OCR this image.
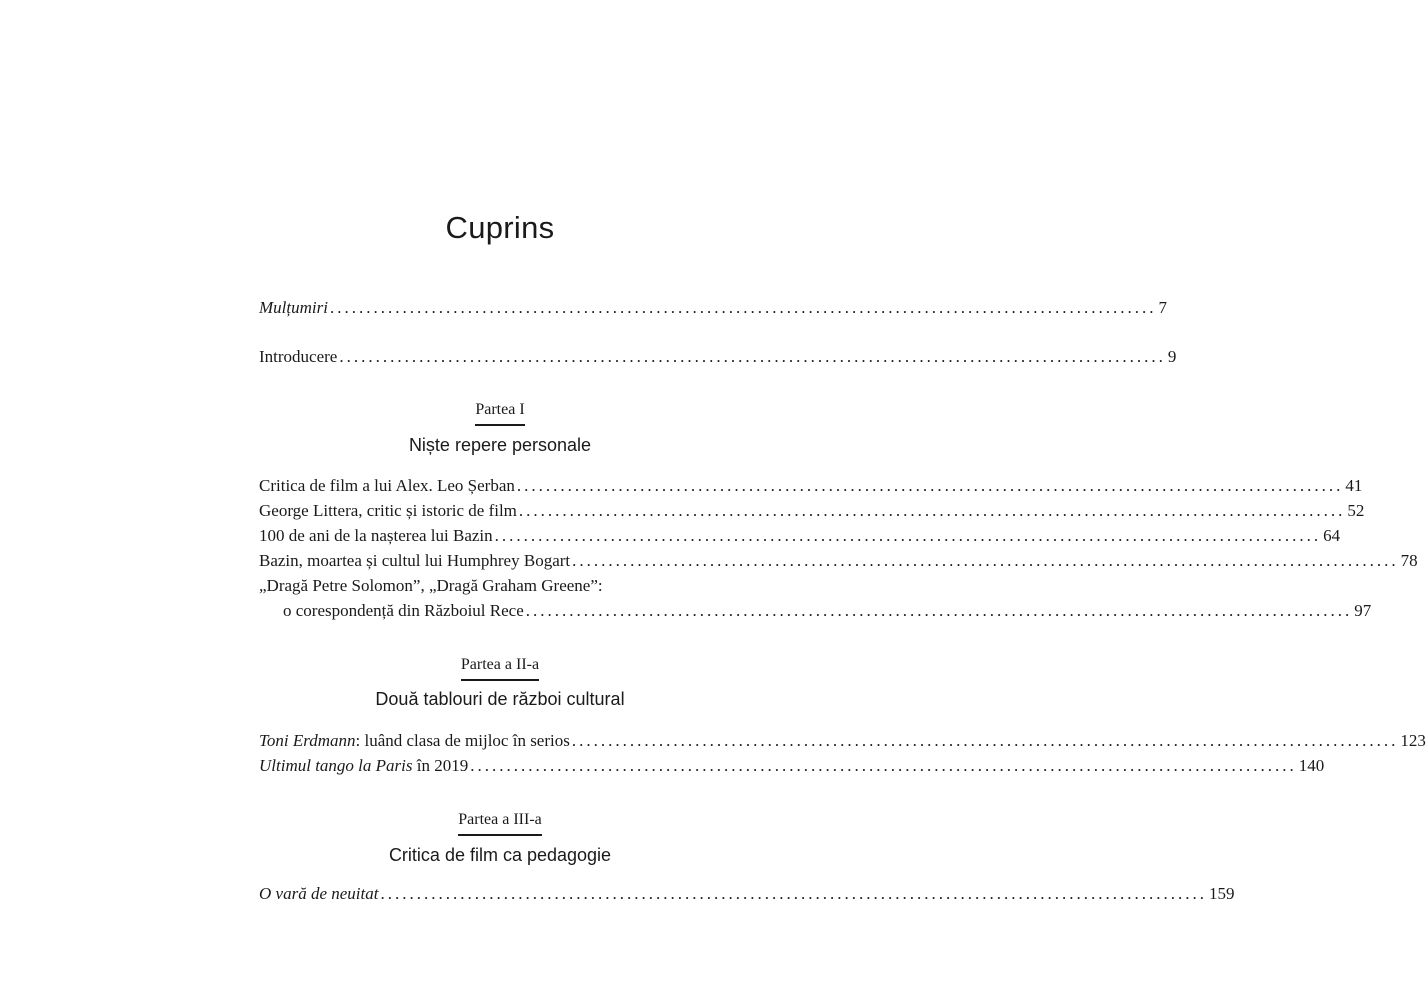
Cuprins
Mulțumiri .................................................................................................................. 7
Introducere .................................................................................................................. 9
Partea I
Niște repere personale
Critica de film a lui Alex. Leo Șerban .................................................................................................................. 41
George Littera, critic și istoric de film .................................................................................................................. 52
100 de ani de la nașterea lui Bazin .................................................................................................................. 64
Bazin, moartea și cultul lui Humphrey Bogart .................................................................................................................. 78
„Dragă Petre Solomon”, „Dragă Graham Greene”:
o corespondență din Războiul Rece .................................................................................................................. 97
Partea a II-a
Două tablouri de război cultural
Toni Erdmann: luând clasa de mijloc în serios .................................................................................................................. 123
Ultimul tango la Paris în 2019 .................................................................................................................. 140
Partea a III-a
Critica de film ca pedagogie
O vară de neuitat .................................................................................................................. 159
